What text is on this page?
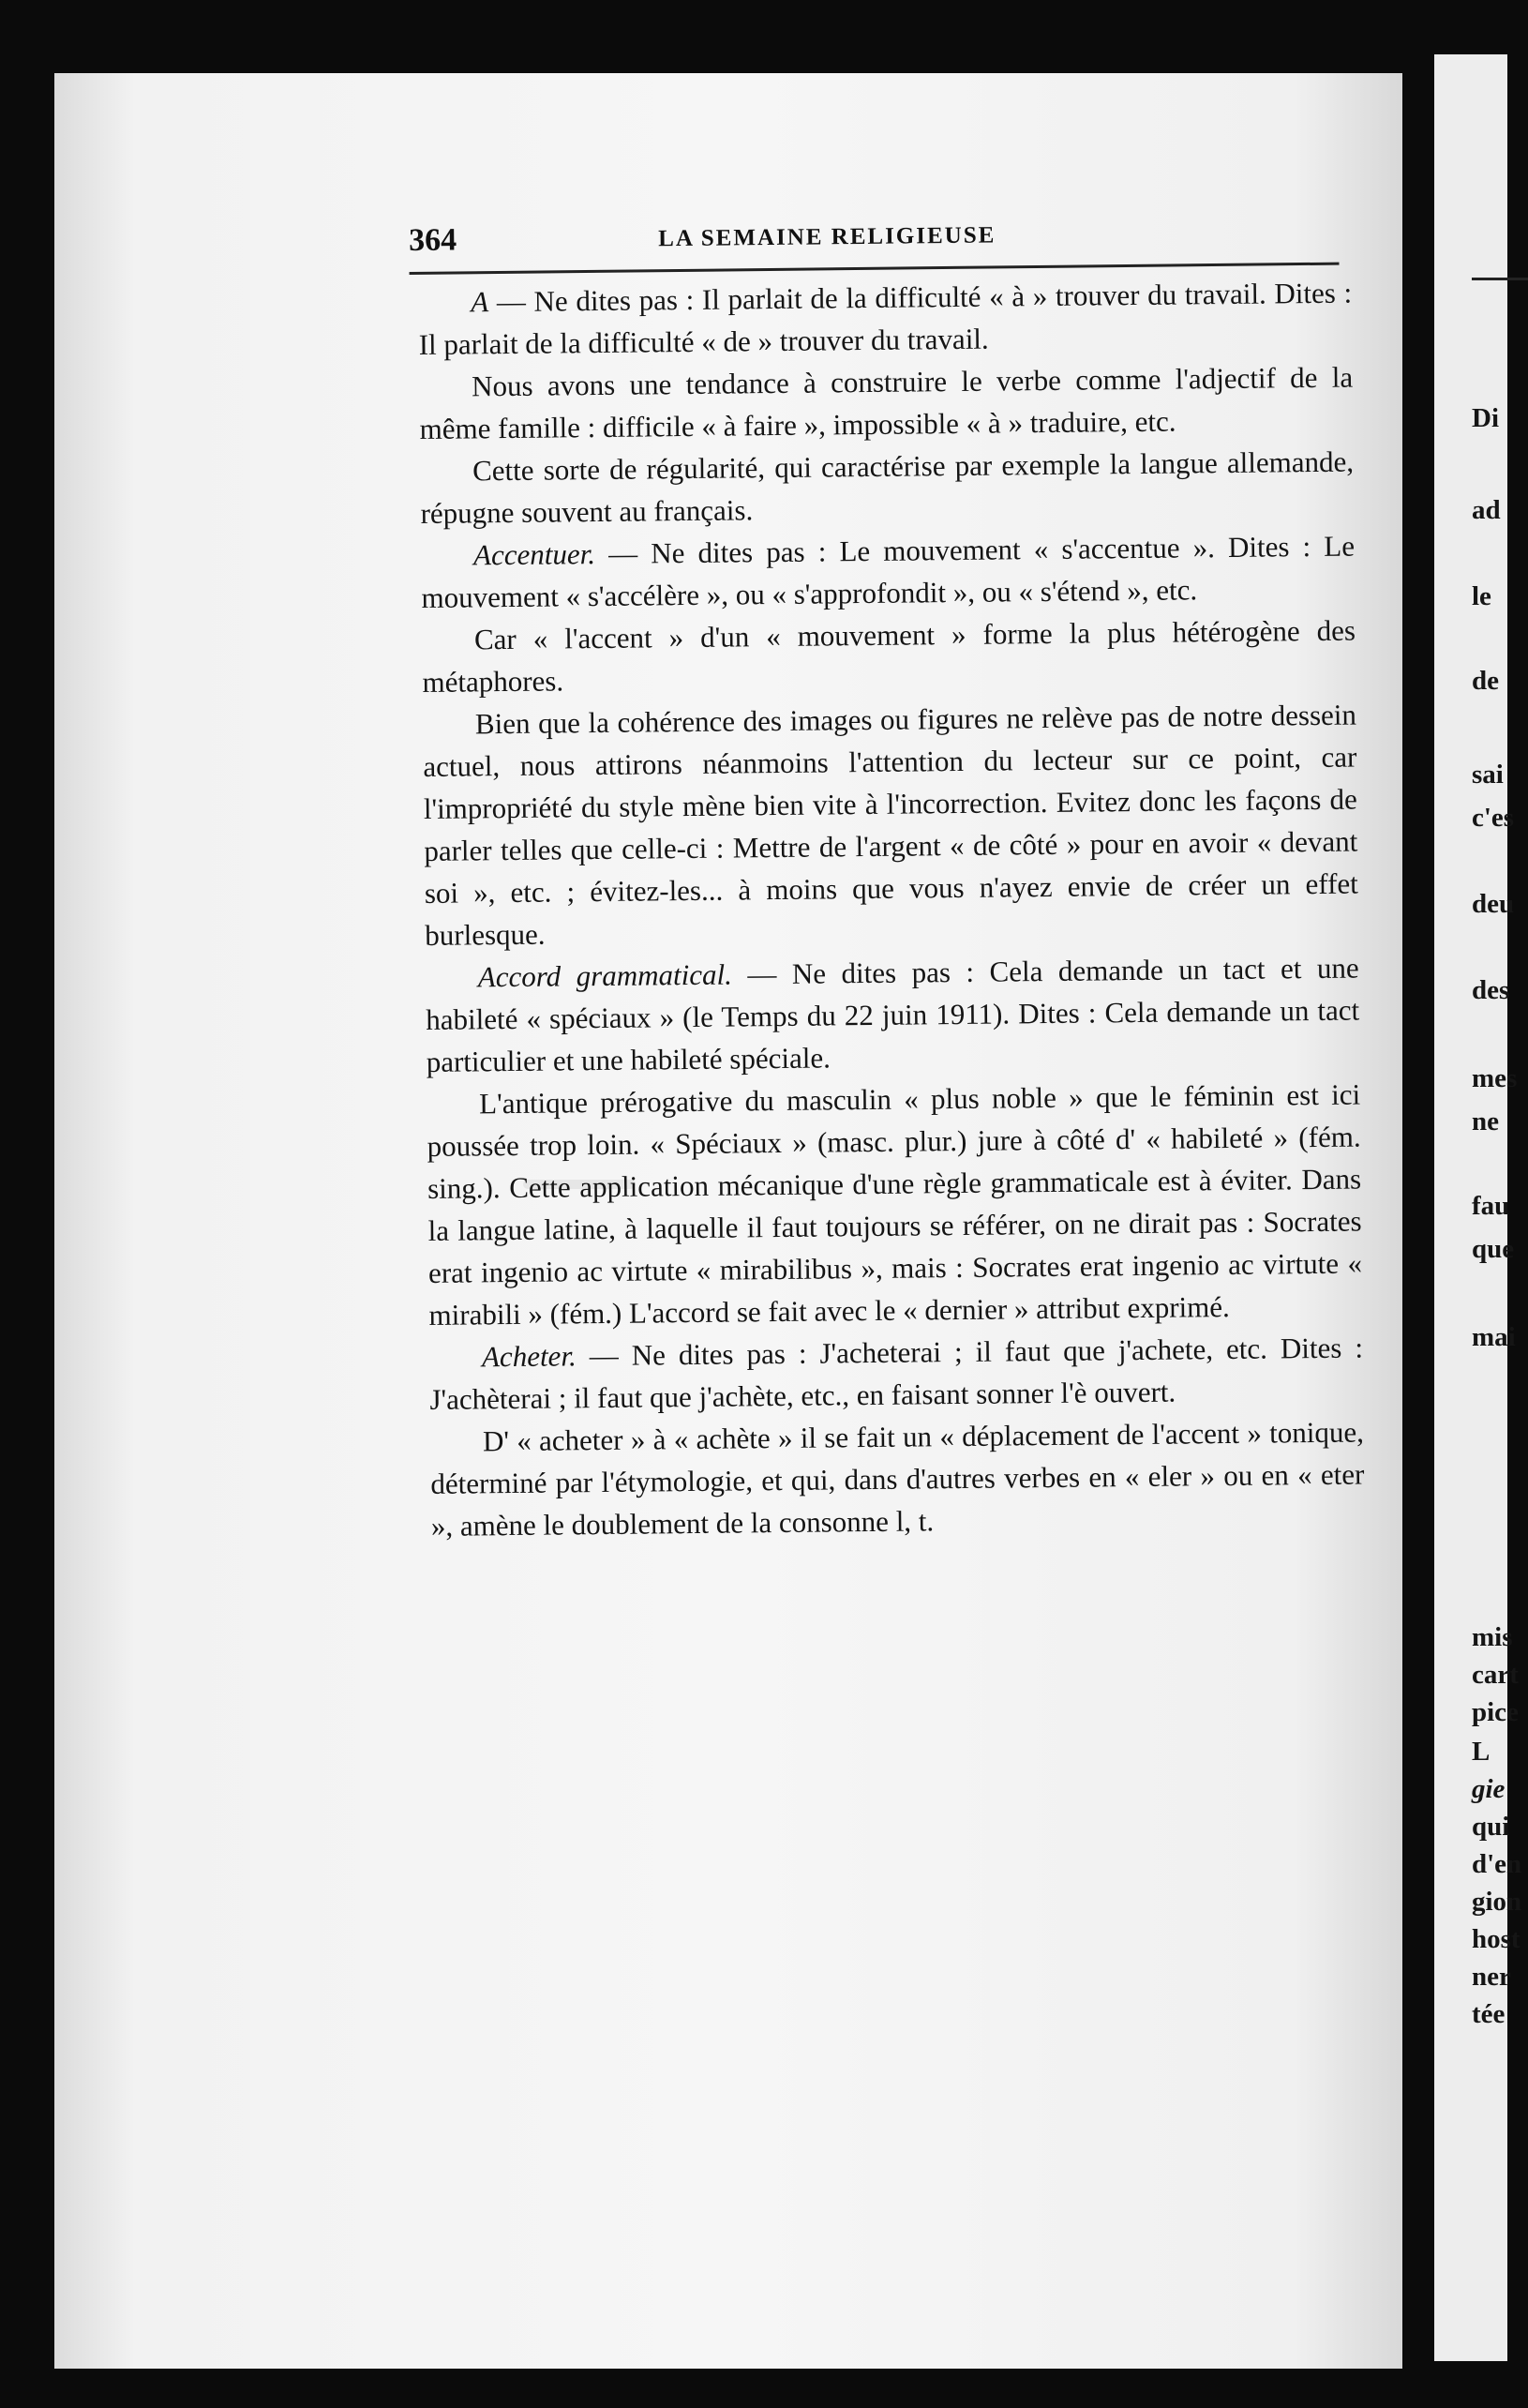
364	LA SEMAINE RELIGIEUSE

A — Ne dites pas : Il parlait de la difficulté « à » trouver du travail. Dites : Il parlait de la difficulté « de » trouver du travail.

Nous avons une tendance à construire le verbe comme l'adjectif de la même famille : difficile « à faire », impossible « à » traduire, etc.

Cette sorte de régularité, qui caractérise par exemple la langue allemande, répugne souvent au français.

Accentuer. — Ne dites pas : Le mouvement « s'accentue ». Dites : Le mouvement « s'accélère », ou « s'approfondit », ou « s'étend », etc.

Car « l'accent » d'un « mouvement » forme la plus hétérogène des métaphores.

Bien que la cohérence des images ou figures ne relève pas de notre dessein actuel, nous attirons néanmoins l'attention du lecteur sur ce point, car l'impropriété du style mène bien vite à l'incorrection. Evitez donc les façons de parler telles que celle-ci : Mettre de l'argent « de côté » pour en avoir « devant soi », etc. ; évitez-les... à moins que vous n'ayez envie de créer un effet burlesque.

Accord grammatical. — Ne dites pas : Cela demande un tact et une habileté « spéciaux » (le Temps du 22 juin 1911). Dites : Cela demande un tact particulier et une habileté spéciale.

L'antique prérogative du masculin « plus noble » que le féminin est ici poussée trop loin. « Spéciaux » (masc. plur.) jure à côté d' « habileté » (fém. sing.). Cette application mécanique d'une règle grammaticale est à éviter. Dans la langue latine, à laquelle il faut toujours se référer, on ne dirait pas : Socrates erat ingenio ac virtute « mirabilibus », mais : Socrates erat ingenio ac virtute « mirabili » (fém.) L'accord se fait avec le « dernier » attribut exprimé.

Acheter. — Ne dites pas : J'acheterai ; il faut que j'achete, etc. Dites : J'achèterai ; il faut que j'achète, etc., en faisant sonner l'è ouvert.

D' « acheter » à « achète » il se fait un « déplacement de l'accent » tonique, déterminé par l'étymologie, et qui, dans d'autres verbes en « eler » ou en « eter », amène le doublement de la consonne l, t.

Di
ad
le
de
sai
c'es
deu
des
mes
ne
fau
que
mai
mis
cart
pice
L
gie
qui
d'en
gion
host
ner
tée
